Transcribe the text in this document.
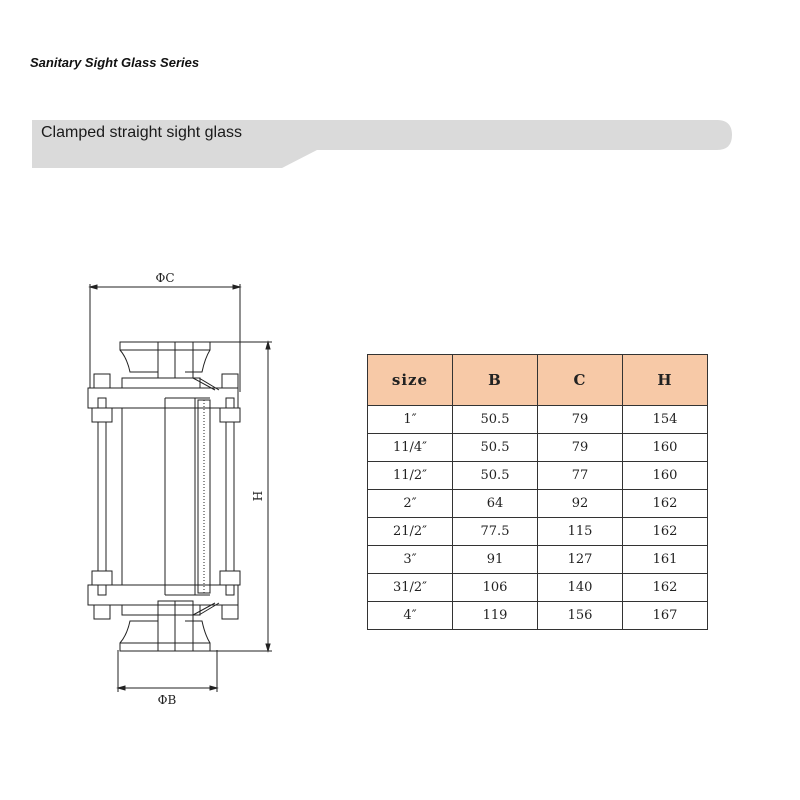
Sanitary Sight Glass Series
Clamped straight sight glass
ΦC
ΦB
H
size	B	C	H
1″	50.5	79	154
11/4″	50.5	79	160
11/2″	50.5	77	160
2″	64	92	162
21/2″	77.5	115	162
3″	91	127	161
31/2″	106	140	162
4″	119	156	167
